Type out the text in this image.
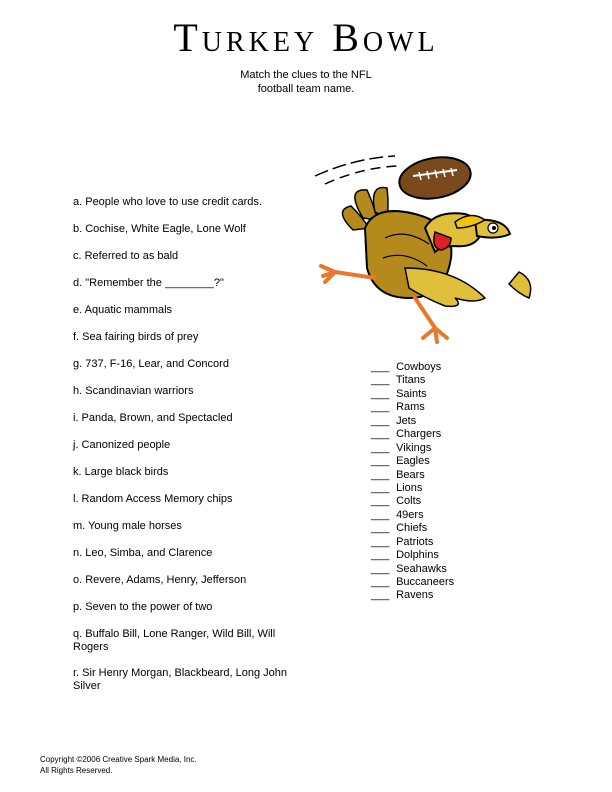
Turkey Bowl
Match the clues to the NFL
football team name.
a. People who love to use credit cards.
b. Cochise, White Eagle, Lone Wolf
c. Referred to as bald
d. "Remember the ________?"
e. Aquatic mammals
f. Sea fairing birds of prey
g. 737, F-16, Lear, and Concord
h. Scandinavian warriors
i. Panda, Brown, and Spectacled
j. Canonized people
k. Large black birds
l. Random Access Memory chips
m. Young male horses
n. Leo, Simba, and Clarence
o. Revere, Adams, Henry, Jefferson
p. Seven to the power of two
q. Buffalo Bill, Lone Ranger, Wild Bill, Will Rogers
r. Sir Henry Morgan, Blackbeard, Long John Silver
___ Cowboys
___ Titans
___ Saints
___ Rams
___ Jets
___ Chargers
___ Vikings
___ Eagles
___ Bears
___ Lions
___ Colts
___ 49ers
___ Chiefs
___ Patriots
___ Dolphins
___ Seahawks
___ Buccaneers
___ Ravens
Copyright ©2006 Creative Spark Media, Inc.
All Rights Reserved.
